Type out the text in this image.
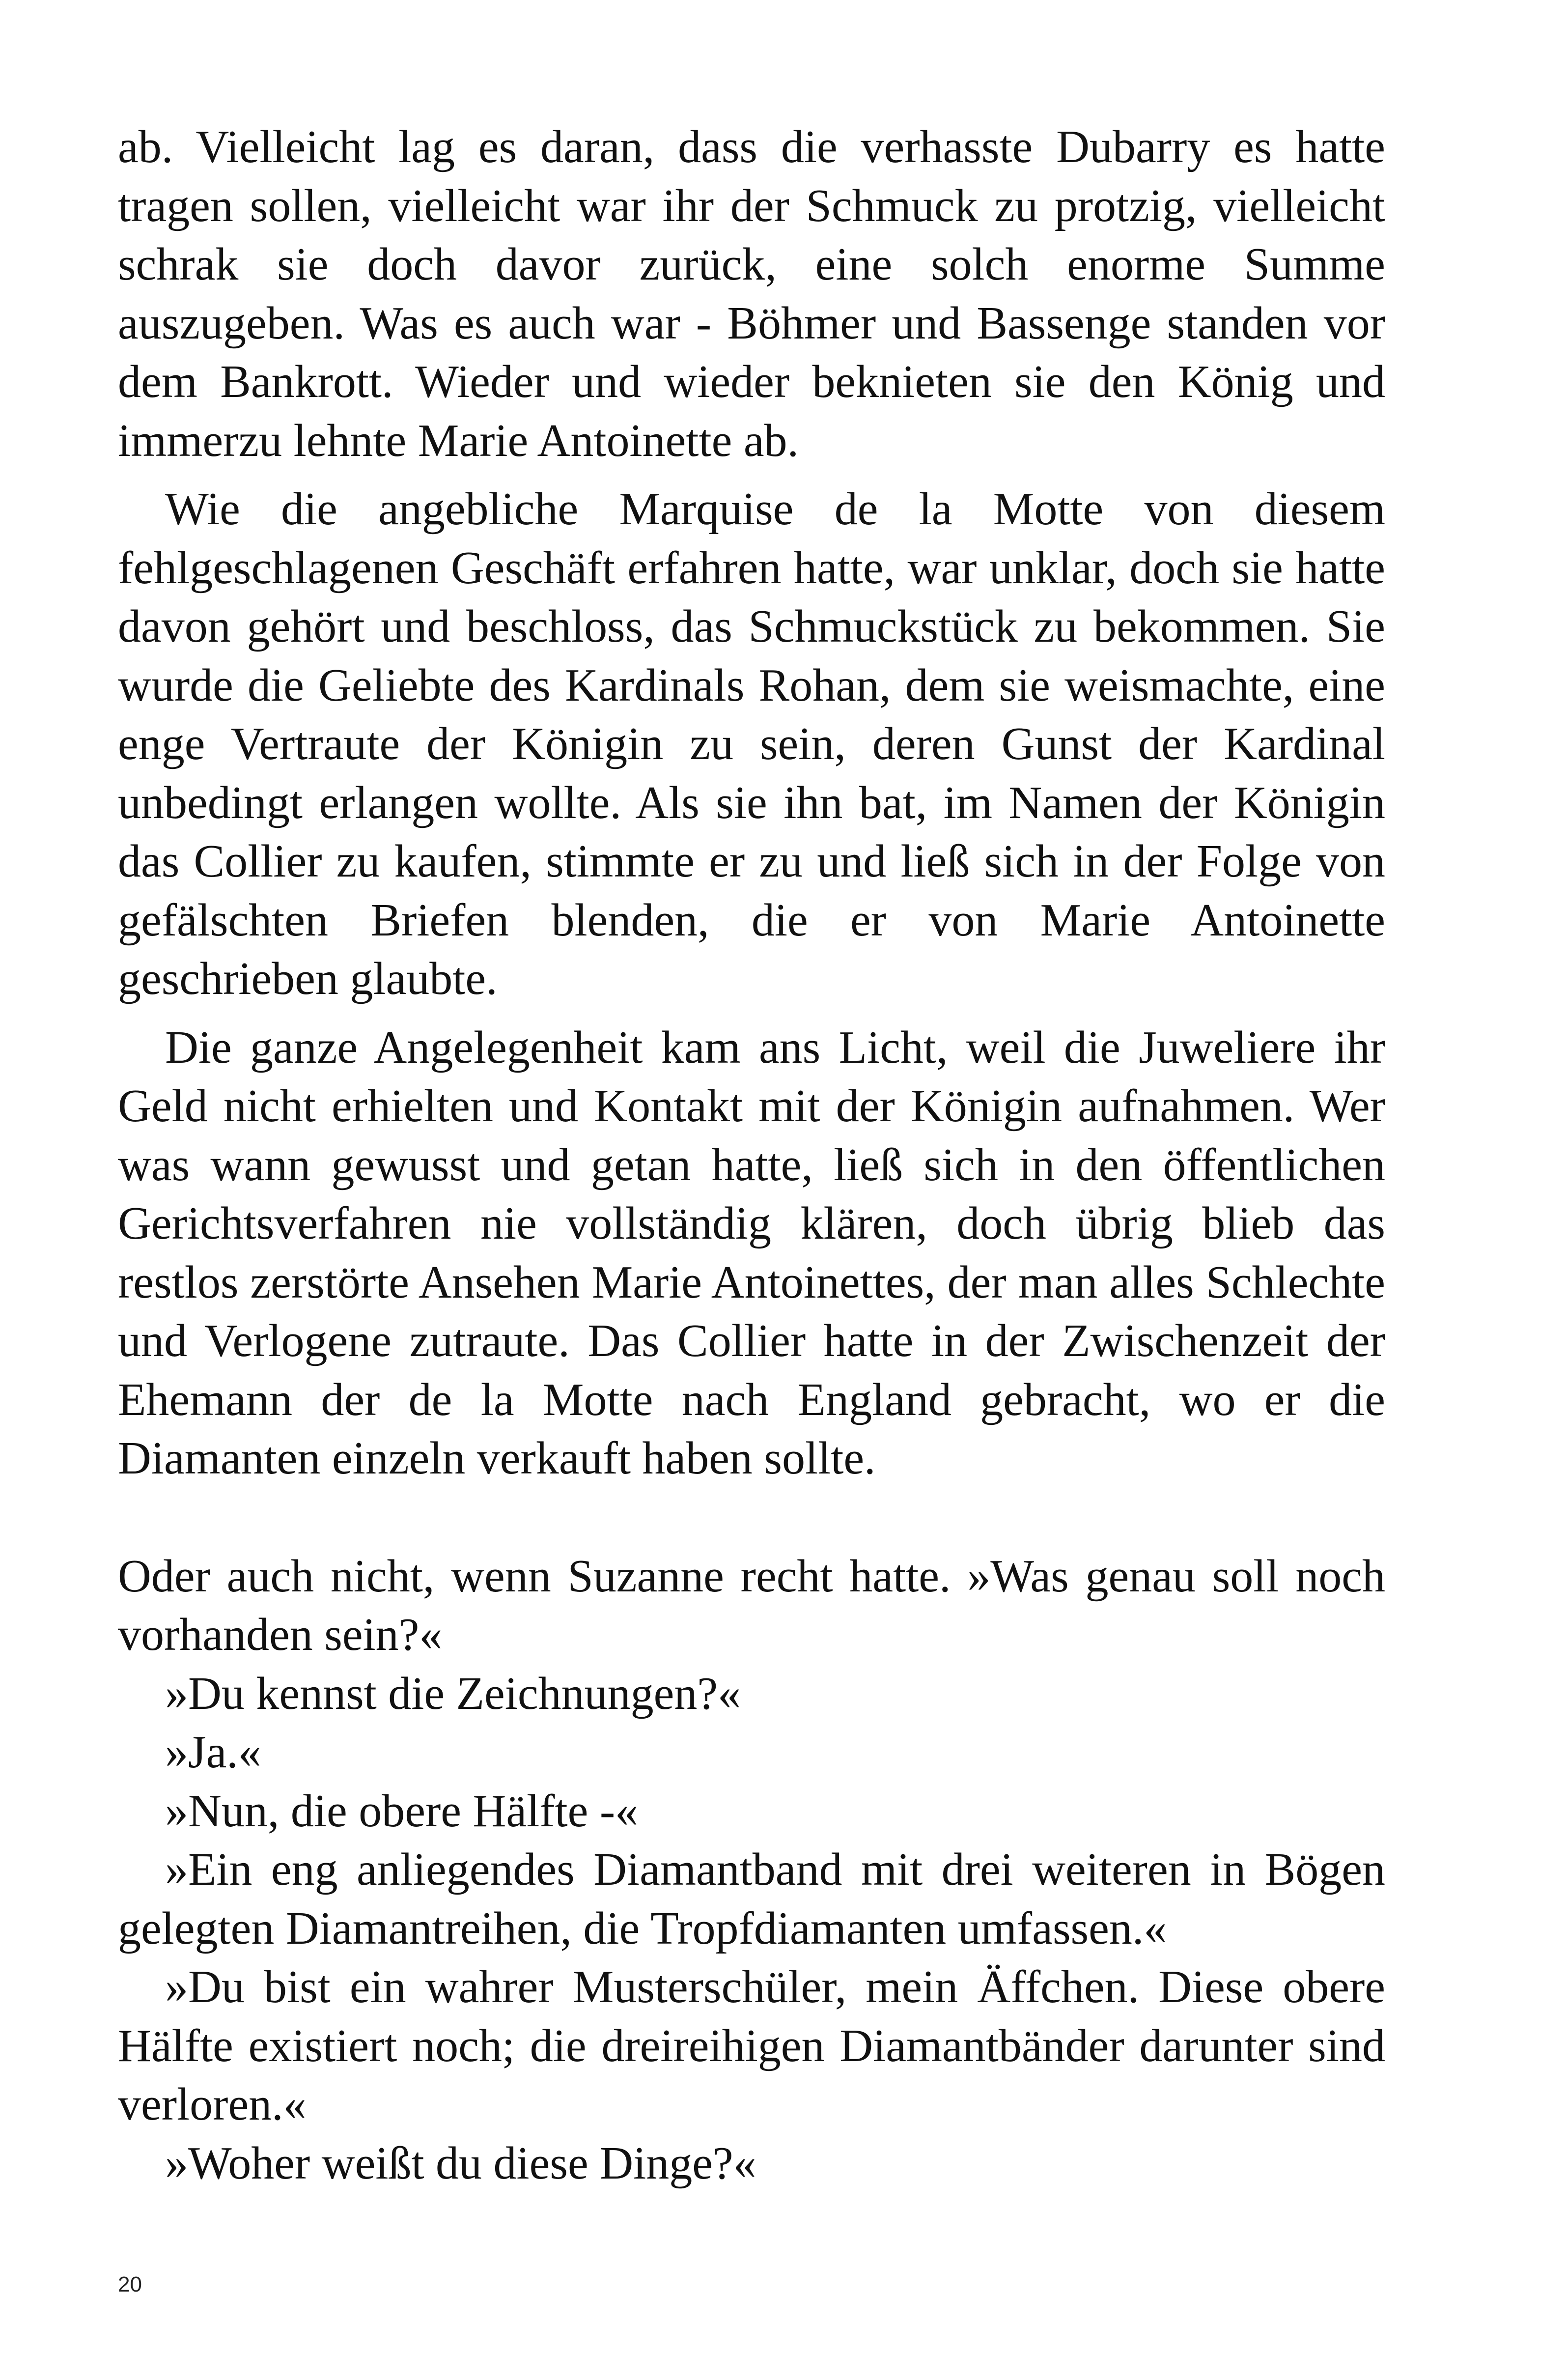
ab. Vielleicht lag es daran, dass die verhasste Dubarry es hatte tragen sollen, vielleicht war ihr der Schmuck zu protzig, vielleicht schrak sie doch davor zurück, eine solch enorme Summe auszugeben. Was es auch war - Böhmer und Bassenge standen vor dem Bankrott. Wieder und wieder beknieten sie den König und immerzu lehnte Marie Antoinette ab.

Wie die angebliche Marquise de la Motte von diesem fehlgeschlagenen Geschäft erfahren hatte, war unklar, doch sie hatte davon gehört und beschloss, das Schmuckstück zu bekommen. Sie wurde die Geliebte des Kardinals Rohan, dem sie weismachte, eine enge Vertraute der Königin zu sein, deren Gunst der Kardinal unbedingt erlangen wollte. Als sie ihn bat, im Namen der Königin das Collier zu kaufen, stimmte er zu und ließ sich in der Folge von gefälschten Briefen blenden, die er von Marie Antoinette geschrieben glaubte.

Die ganze Angelegenheit kam ans Licht, weil die Juweliere ihr Geld nicht erhielten und Kontakt mit der Königin aufnahmen. Wer was wann gewusst und getan hatte, ließ sich in den öffentlichen Gerichtsverfahren nie vollständig klären, doch übrig blieb das restlos zerstörte Ansehen Marie Antoinettes, der man alles Schlechte und Verlogene zutraute. Das Collier hatte in der Zwischenzeit der Ehemann der de la Motte nach England gebracht, wo er die Diamanten einzeln verkauft haben sollte.

Oder auch nicht, wenn Suzanne recht hatte. »Was genau soll noch vorhanden sein?«

»Du kennst die Zeichnungen?«

»Ja.«

»Nun, die obere Hälfte -«

»Ein eng anliegendes Diamantband mit drei weiteren in Bögen gelegten Diamantreihen, die Tropfdiamanten umfassen.«

»Du bist ein wahrer Musterschüler, mein Äffchen. Diese obere Hälfte existiert noch; die dreireihigen Diamantbänder darunter sind verloren.«

»Woher weißt du diese Dinge?«

20
